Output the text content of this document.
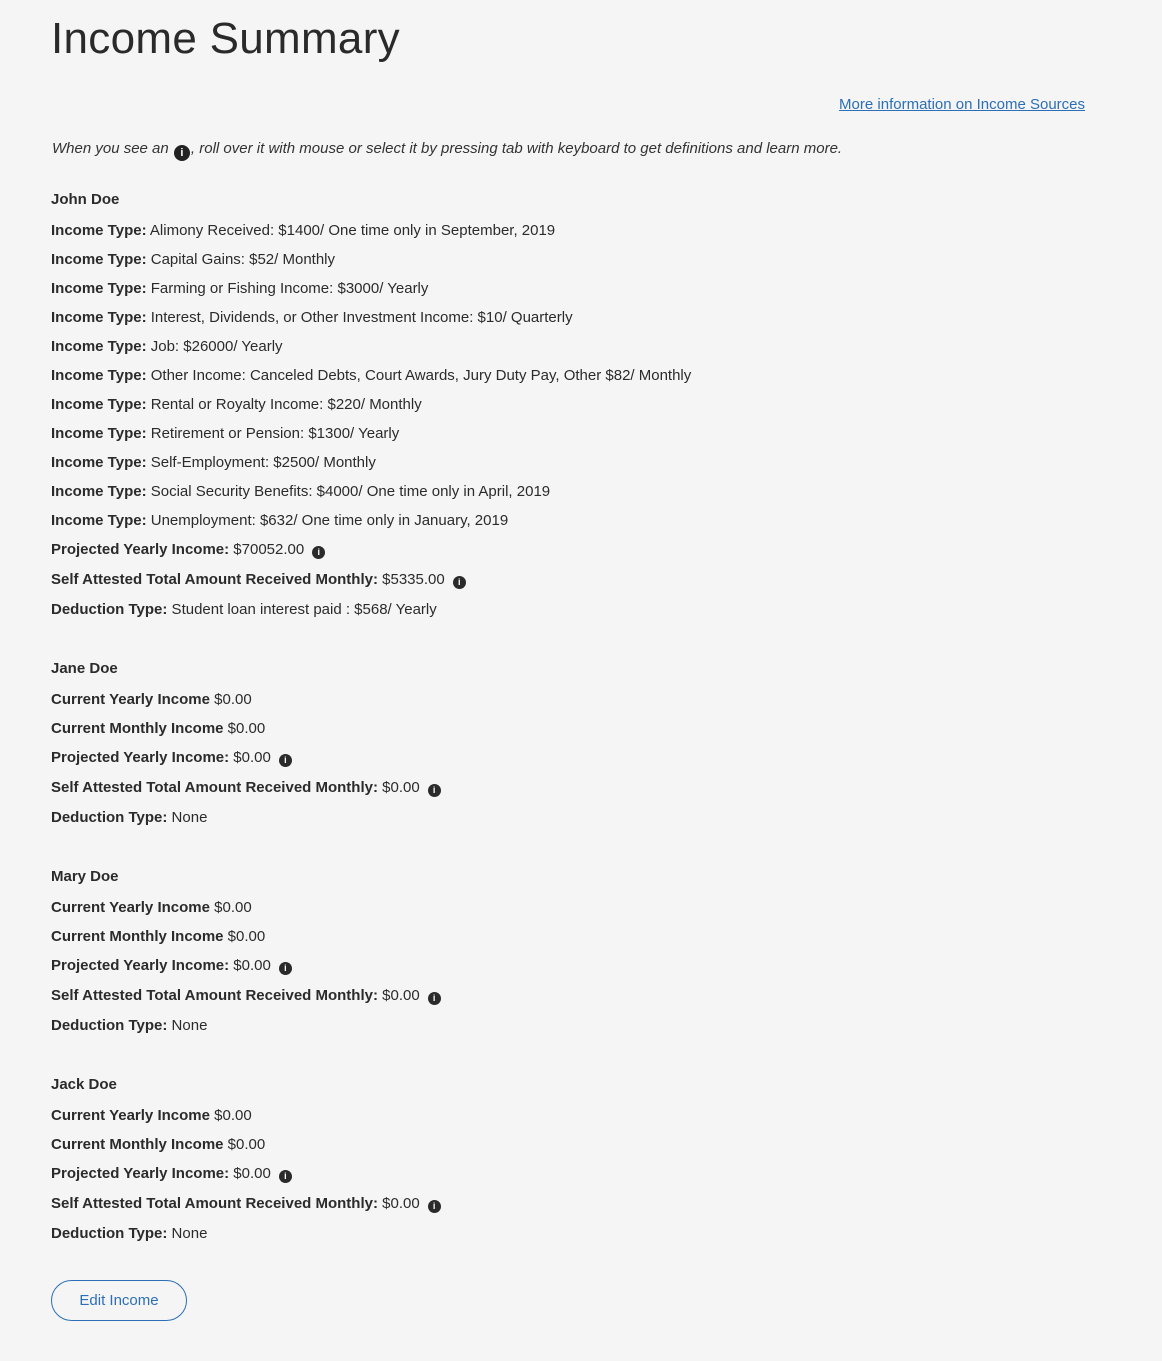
Income Summary
More information on Income Sources
When you see an i , roll over it with mouse or select it by pressing tab with keyboard to get definitions and learn more.
John Doe
Income Type: Alimony Received: $1400/ One time only in September, 2019
Income Type: Capital Gains: $52/ Monthly
Income Type: Farming or Fishing Income: $3000/ Yearly
Income Type: Interest, Dividends, or Other Investment Income: $10/ Quarterly
Income Type: Job: $26000/ Yearly
Income Type: Other Income: Canceled Debts, Court Awards, Jury Duty Pay, Other $82/ Monthly
Income Type: Rental or Royalty Income: $220/ Monthly
Income Type: Retirement or Pension: $1300/ Yearly
Income Type: Self-Employment: $2500/ Monthly
Income Type: Social Security Benefits: $4000/ One time only in April, 2019
Income Type: Unemployment: $632/ One time only in January, 2019
Projected Yearly Income: $70052.00 i
Self Attested Total Amount Received Monthly: $5335.00 i
Deduction Type: Student loan interest paid : $568/ Yearly
Jane Doe
Current Yearly Income $0.00
Current Monthly Income $0.00
Projected Yearly Income: $0.00 i
Self Attested Total Amount Received Monthly: $0.00 i
Deduction Type: None
Mary Doe
Current Yearly Income $0.00
Current Monthly Income $0.00
Projected Yearly Income: $0.00 i
Self Attested Total Amount Received Monthly: $0.00 i
Deduction Type: None
Jack Doe
Current Yearly Income $0.00
Current Monthly Income $0.00
Projected Yearly Income: $0.00 i
Self Attested Total Amount Received Monthly: $0.00 i
Deduction Type: None
Edit Income
